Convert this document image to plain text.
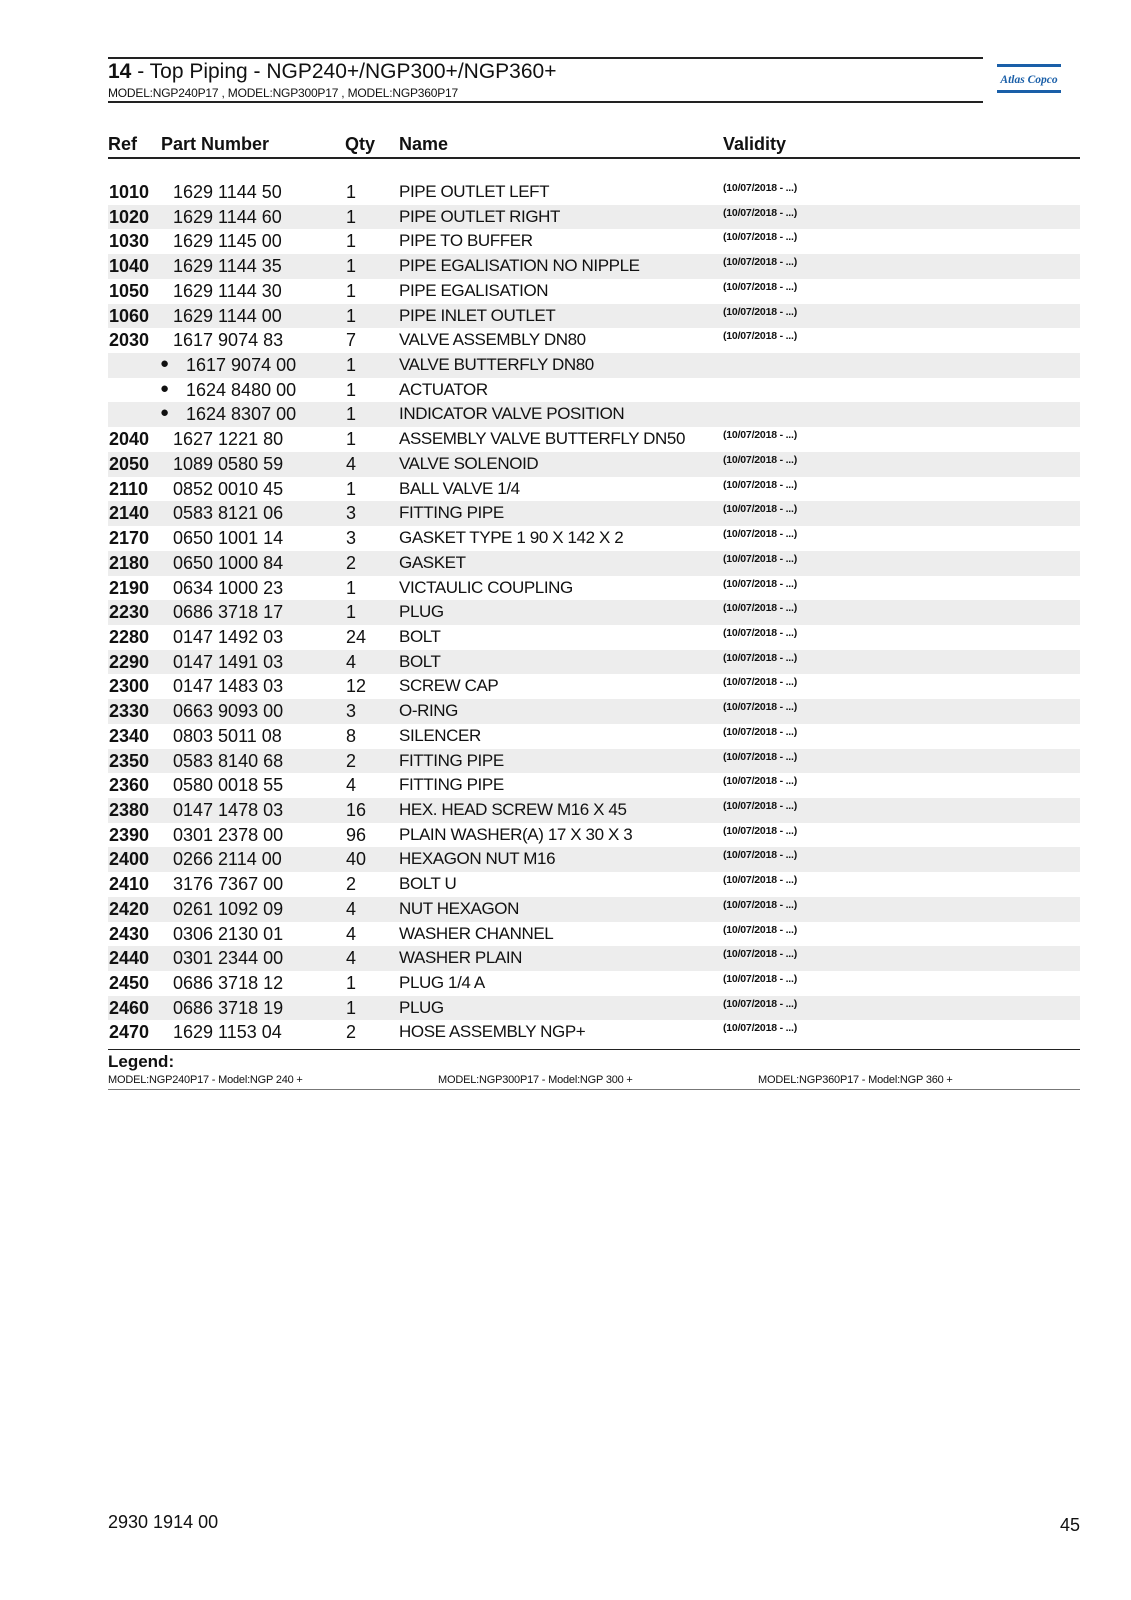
14 - Top Piping - NGP240+/NGP300+/NGP360+
MODEL:NGP240P17 , MODEL:NGP300P17 , MODEL:NGP360P17
Atlas Copco
Ref Part Number	Qty Name	Validity
1010 1629 1144 50	1	PIPE OUTLET LEFT	(10/07/2018 - ...)
1020 1629 1144 60	1	PIPE OUTLET RIGHT	(10/07/2018 - ...)
1030 1629 1145 00	1	PIPE TO BUFFER	(10/07/2018 - ...)
1040 1629 1144 35	1	PIPE EGALISATION NO NIPPLE	(10/07/2018 - ...)
1050 1629 1144 30	1	PIPE EGALISATION	(10/07/2018 - ...)
1060 1629 1144 00	1	PIPE INLET OUTLET	(10/07/2018 - ...)
2030 1617 9074 83	7	VALVE ASSEMBLY DN80	(10/07/2018 - ...)
● 1617 9074 00	1	VALVE BUTTERFLY DN80
● 1624 8480 00	1	ACTUATOR
● 1624 8307 00	1	INDICATOR VALVE POSITION
2040 1627 1221 80	1	ASSEMBLY VALVE BUTTERFLY DN50	(10/07/2018 - ...)
2050 1089 0580 59	4	VALVE SOLENOID	(10/07/2018 - ...)
2110 0852 0010 45	1	BALL VALVE 1/4	(10/07/2018 - ...)
2140 0583 8121 06	3	FITTING PIPE	(10/07/2018 - ...)
2170 0650 1001 14	3	GASKET TYPE 1 90 X 142 X 2	(10/07/2018 - ...)
2180 0650 1000 84	2	GASKET	(10/07/2018 - ...)
2190 0634 1000 23	1	VICTAULIC COUPLING	(10/07/2018 - ...)
2230 0686 3718 17	1	PLUG	(10/07/2018 - ...)
2280 0147 1492 03	24 BOLT	(10/07/2018 - ...)
2290 0147 1491 03	4	BOLT	(10/07/2018 - ...)
2300 0147 1483 03	12 SCREW CAP	(10/07/2018 - ...)
2330 0663 9093 00	3	O-RING	(10/07/2018 - ...)
2340 0803 5011 08	8	SILENCER	(10/07/2018 - ...)
2350 0583 8140 68	2	FITTING PIPE	(10/07/2018 - ...)
2360 0580 0018 55	4	FITTING PIPE	(10/07/2018 - ...)
2380 0147 1478 03	16 HEX. HEAD SCREW M16 X 45	(10/07/2018 - ...)
2390 0301 2378 00	96 PLAIN WASHER(A) 17 X 30 X 3	(10/07/2018 - ...)
2400 0266 2114 00	40 HEXAGON NUT M16	(10/07/2018 - ...)
2410 3176 7367 00	2	BOLT U	(10/07/2018 - ...)
2420 0261 1092 09	4	NUT HEXAGON	(10/07/2018 - ...)
2430 0306 2130 01	4	WASHER CHANNEL	(10/07/2018 - ...)
2440 0301 2344 00	4	WASHER PLAIN	(10/07/2018 - ...)
2450 0686 3718 12	1	PLUG 1/4 A	(10/07/2018 - ...)
2460 0686 3718 19	1	PLUG	(10/07/2018 - ...)
2470 1629 1153 04	2	HOSE ASSEMBLY NGP+	(10/07/2018 - ...)
Legend:
MODEL:NGP240P17 - Model:NGP 240 +	MODEL:NGP300P17 - Model:NGP 300 +	MODEL:NGP360P17 - Model:NGP 360 +
2930 1914 00	45
